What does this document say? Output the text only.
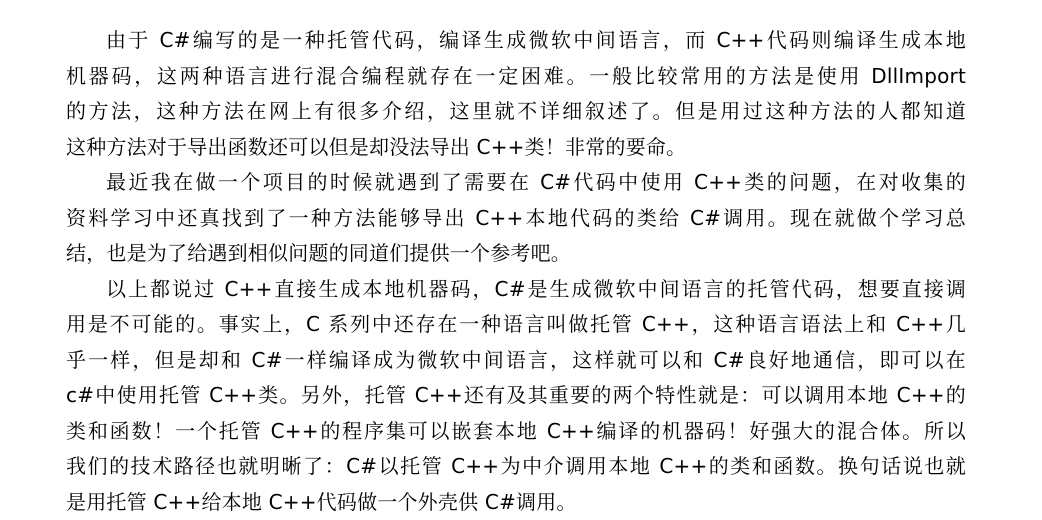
由于 C#编写的是一种托管代码，编译生成微软中间语言，而 C++代码则编译生成本地
机器码，这两种语言进行混合编程就存在一定困难。一般比较常用的方法是使用 DllImport
的方法，这种方法在网上有很多介绍，这里就不详细叙述了。但是用过这种方法的人都知道
这种方法对于导出函数还可以但是却没法导出 C++类！非常的要命。
最近我在做一个项目的时候就遇到了需要在 C#代码中使用 C++类的问题，在对收集的
资料学习中还真找到了一种方法能够导出 C++本地代码的类给 C#调用。现在就做个学习总
结，也是为了给遇到相似问题的同道们提供一个参考吧。
以上都说过 C++直接生成本地机器码，C#是生成微软中间语言的托管代码，想要直接调
用是不可能的。事实上，C 系列中还存在一种语言叫做托管 C++，这种语言语法上和 C++几
乎一样，但是却和 C#一样编译成为微软中间语言，这样就可以和 C#良好地通信，即可以在
c#中使用托管 C++类。另外，托管 C++还有及其重要的两个特性就是：可以调用本地 C++的
类和函数！一个托管 C++的程序集可以嵌套本地 C++编译的机器码！好强大的混合体。所以
我们的技术路径也就明晰了：C#以托管 C++为中介调用本地 C++的类和函数。换句话说也就
是用托管 C++给本地 C++代码做一个外壳供 C#调用。
